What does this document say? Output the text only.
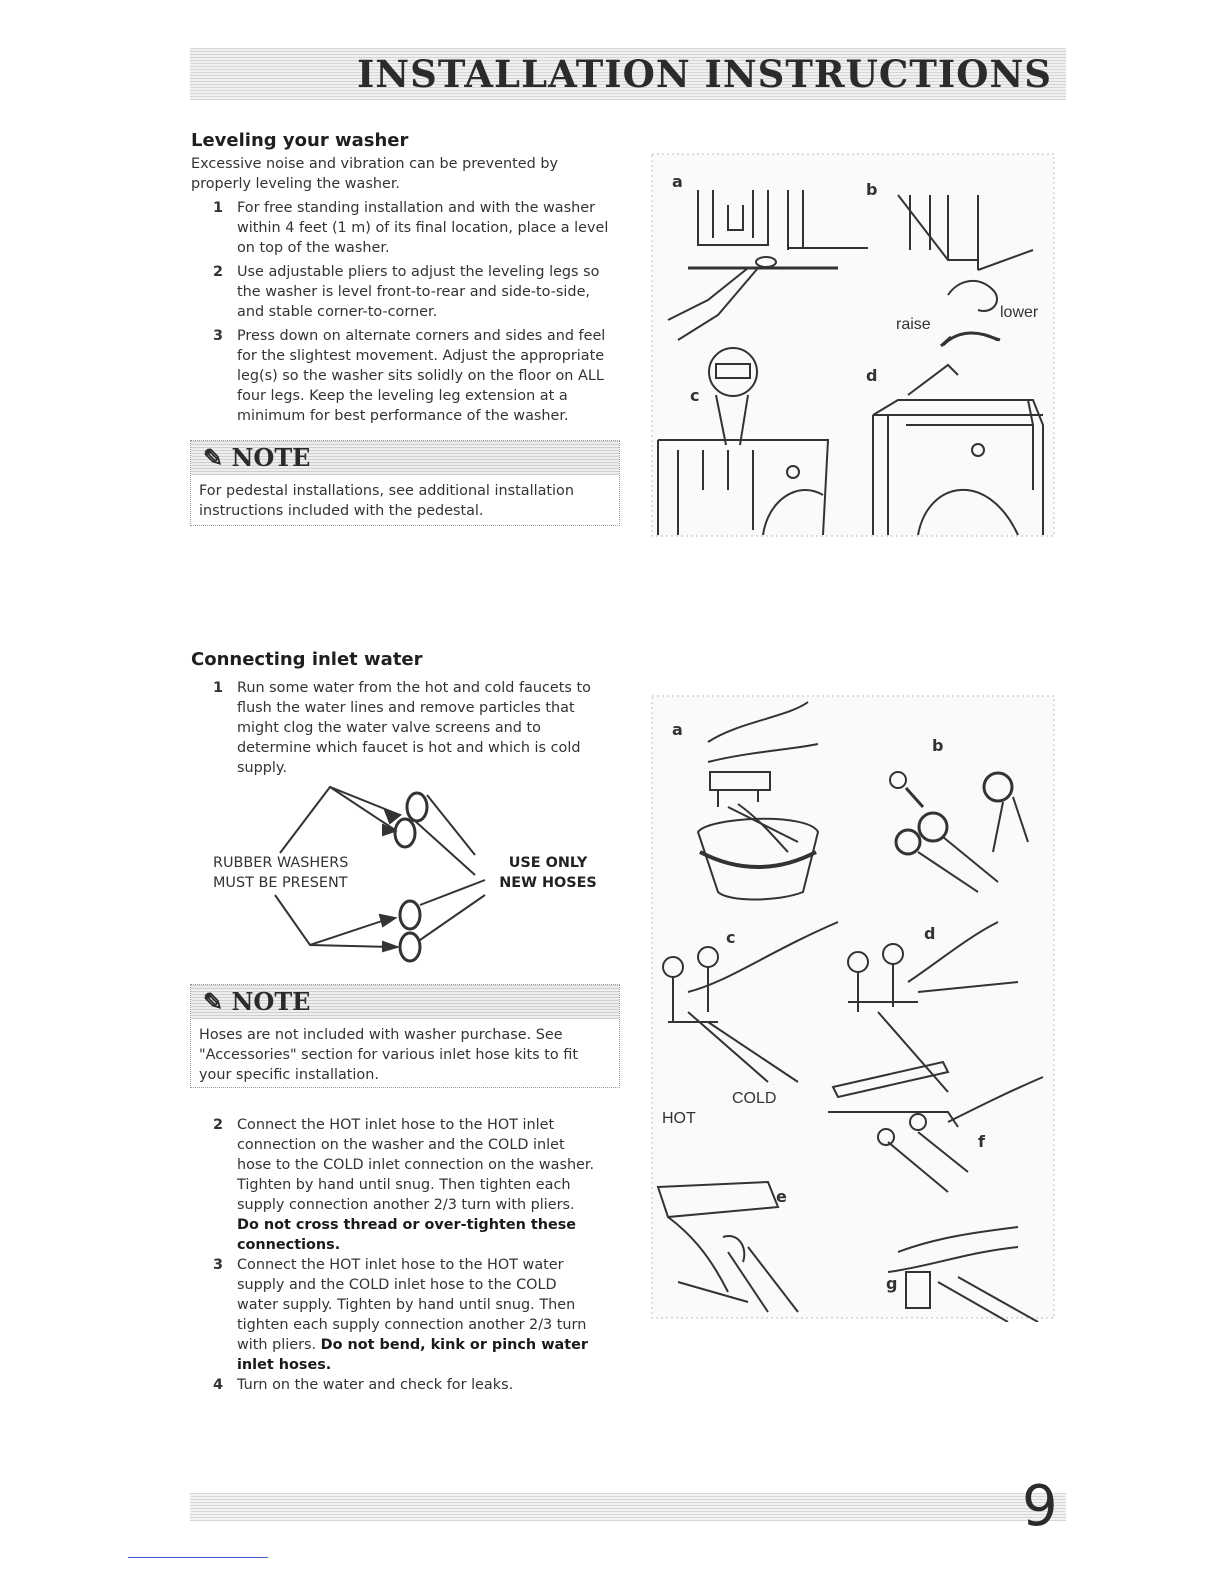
INSTALLATION INSTRUCTIONS
Leveling your washer
Excessive noise and vibration can be prevented by properly leveling the washer.
1 For free standing installation and with the washer within 4 feet (1 m) of its final location, place a level on top of the washer.
2 Use adjustable pliers to adjust the leveling legs so the washer is level front-to-rear and side-to-side, and stable corner-to-corner.
3 Press down on alternate corners and sides and feel for the slightest movement. Adjust the appropriate leg(s) so the washer sits solidly on the floor on ALL four legs. Keep the leveling leg extension at a minimum for best performance of the washer.
✎ NOTE
For pedestal installations, see additional installation instructions included with the pedestal.
a	b
c
d
raise
lower
Connecting inlet water
1 Run some water from the hot and cold faucets to flush the water lines and remove particles that might clog the water valve screens and to determine which faucet is hot and which is cold supply.
RUBBER WASHERS
MUST BE PRESENT
USE ONLY
NEW HOSES
✎ NOTE
Hoses are not included with washer purchase. See "Accessories" section for various inlet hose kits to fit your specific installation.
2 Connect the HOT inlet hose to the HOT inlet connection on the washer and the COLD inlet hose to the COLD inlet connection on the washer. Tighten by hand until snug. Then tighten each supply connection another 2/3 turn with pliers. Do not cross thread or over-tighten these connections.
3 Connect the HOT inlet hose to the HOT water supply and the COLD inlet hose to the COLD water supply. Tighten by hand until snug. Then tighten each supply connection another 2/3 turn with pliers. Do not bend, kink or pinch water inlet hoses.
4 Turn on the water and check for leaks.
a
b
c	d
e
f
g
HOT
COLD
9
